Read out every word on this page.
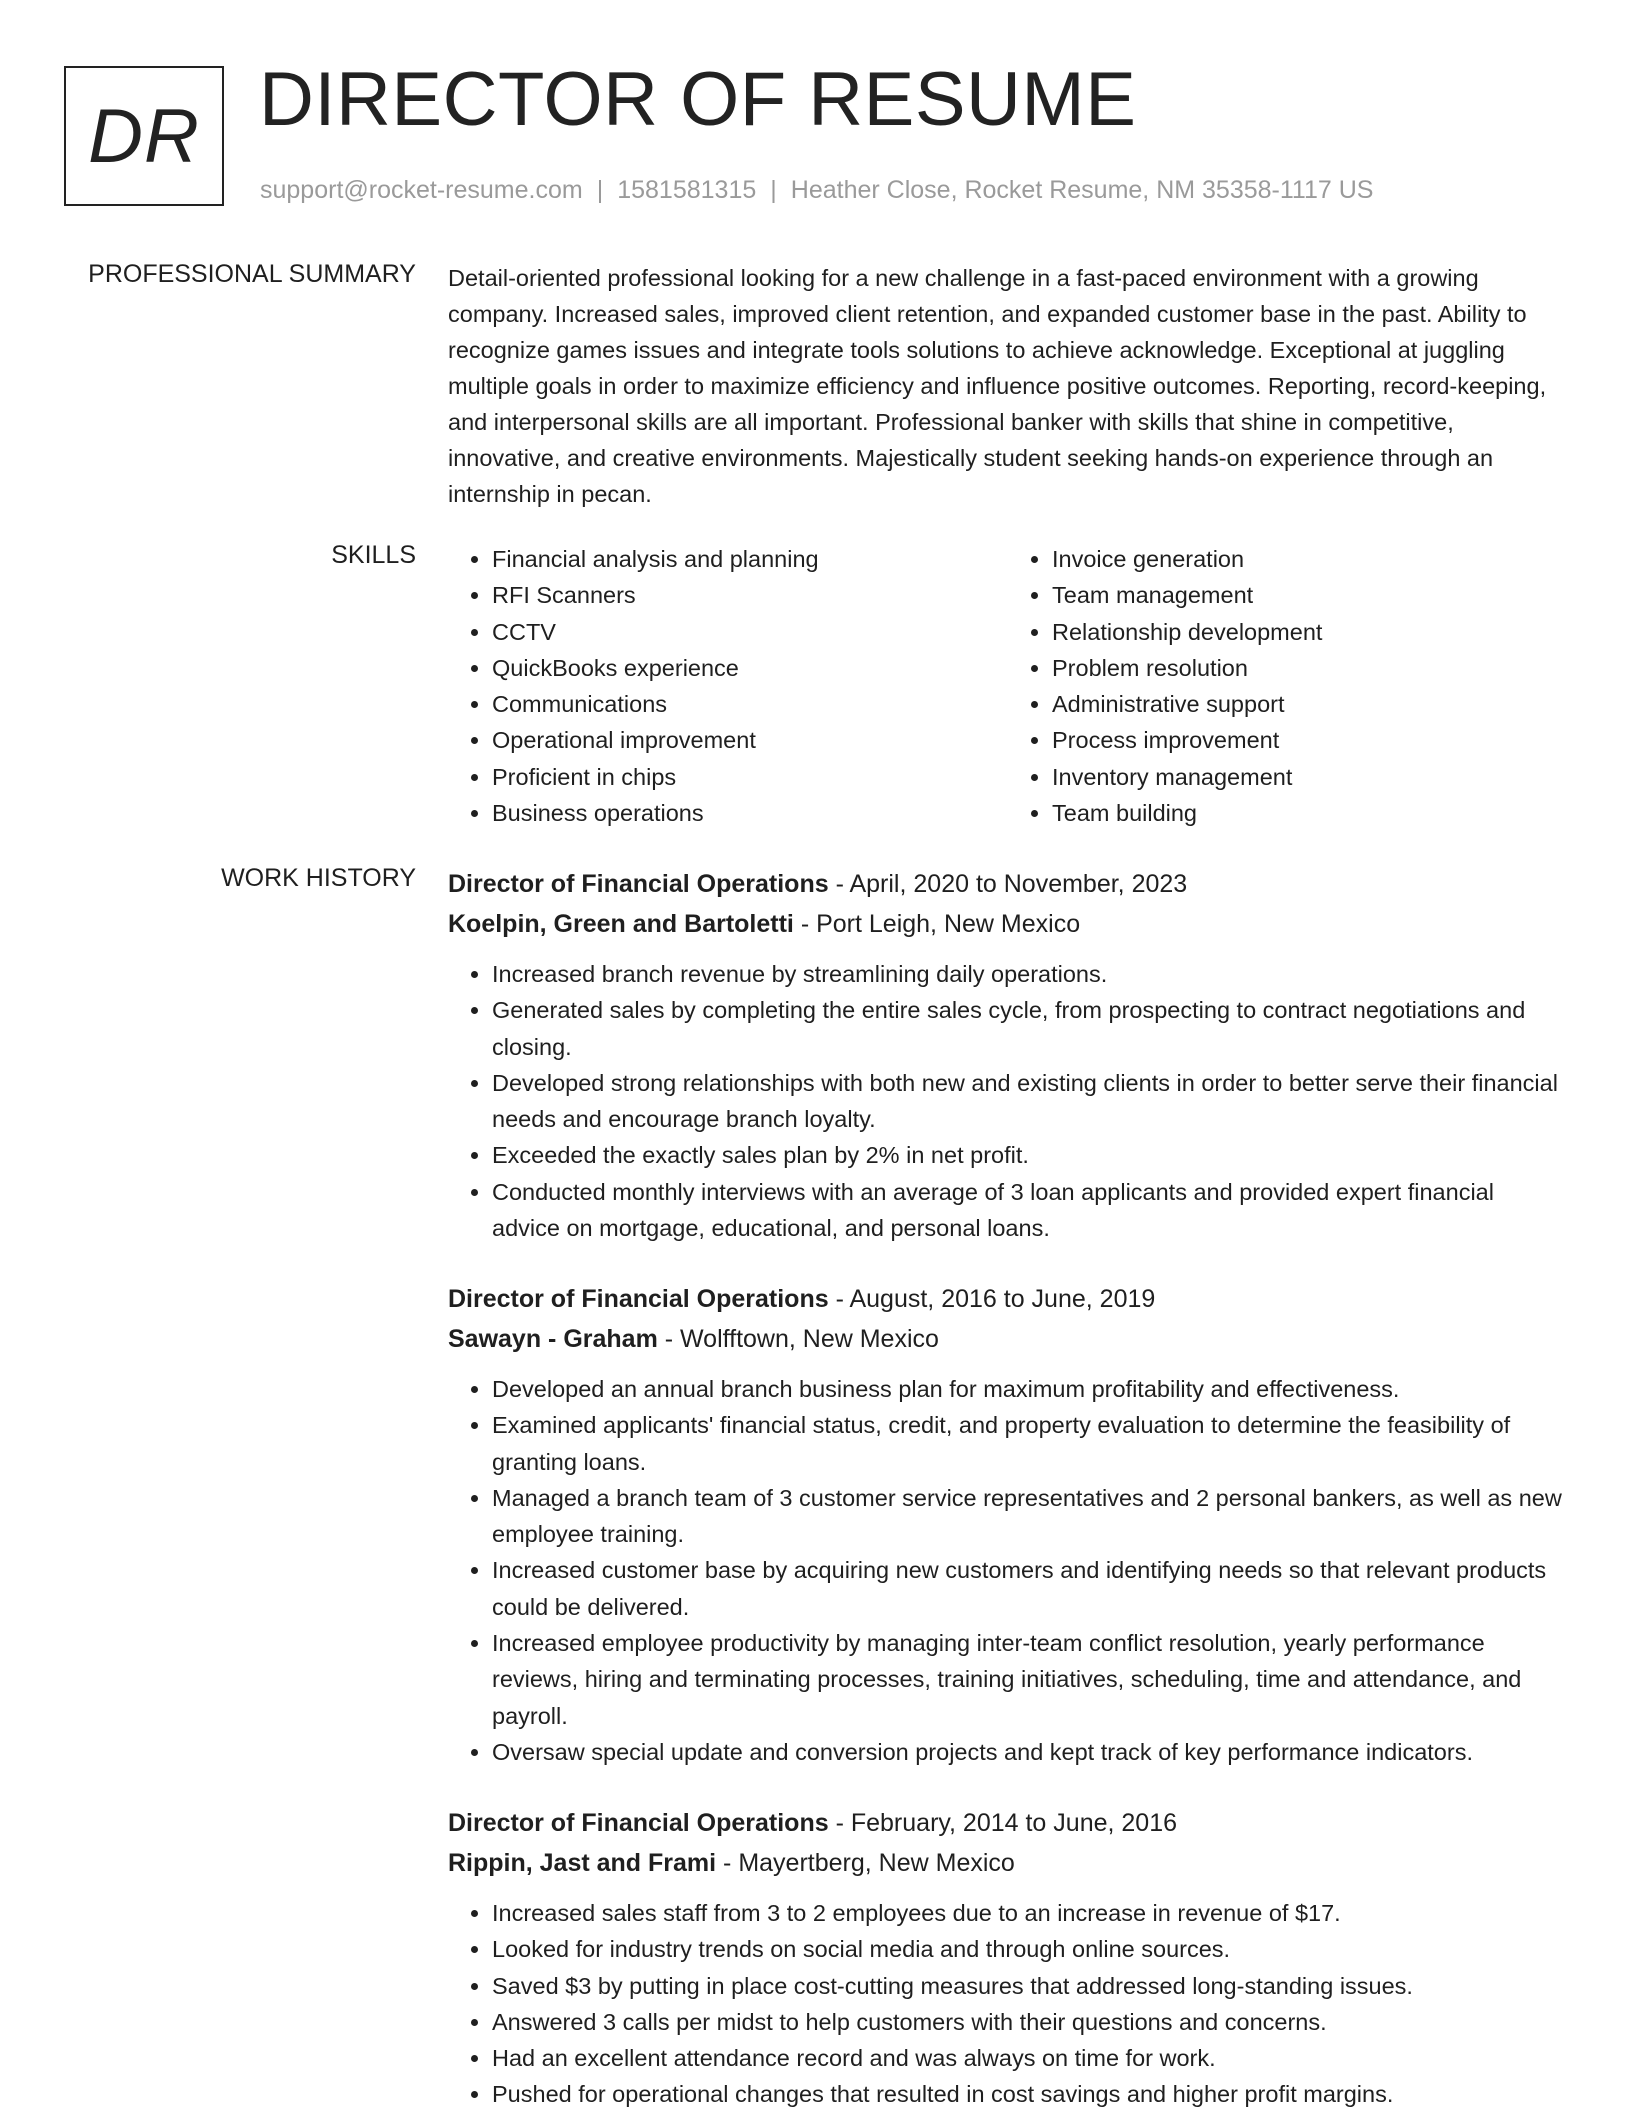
DR DIRECTOR OF RESUME
support@rocket-resume.com | 1581581315 | Heather Close, Rocket Resume, NM 35358-1117 US
PROFESSIONAL SUMMARY Detail-oriented professional looking for a new challenge in a fast-paced environment with a growing company. Increased sales, improved client retention, and expanded customer base in the past. Ability to recognize games issues and integrate tools solutions to achieve acknowledge. Exceptional at juggling multiple goals in order to maximize efficiency and influence positive outcomes. Reporting, record-keeping, and interpersonal skills are all important. Professional banker with skills that shine in competitive, innovative, and creative environments. Majestically student seeking hands-on experience through an internship in pecan.

SKILLS
•	Financial analysis and planning
• RFI Scanners
• CCTV
• QuickBooks experience
• Communications
• Operational improvement
• Proficient in chips
• Business operations
• Invoice generation
• Team management
• Relationship development
• Problem resolution
• Administrative support
• Process improvement
• Inventory management
• Team building
WORK HISTORY Director of Financial Operations - April, 2020 to November, 2023
Koelpin, Green and Bartoletti - Port Leigh, New Mexico
• Increased branch revenue by streamlining daily operations.
• Generated sales by completing the entire sales cycle, from prospecting to contract negotiations and closing.
• Developed strong relationships with both new and existing clients in order to better serve their financial needs and encourage branch loyalty.
• Exceeded the exactly sales plan by 2% in net profit.
• Conducted monthly interviews with an average of 3 loan applicants and provided expert financial advice on mortgage, educational, and personal loans.
Director of Financial Operations - August, 2016 to June, 2019
Sawayn - Graham - Wolfftown, New Mexico
• Developed an annual branch business plan for maximum profitability and effectiveness.
• Examined applicants' financial status, credit, and property evaluation to determine the feasibility of granting loans.
• Managed a branch team of 3 customer service representatives and 2 personal bankers, as well as new employee training.
• Increased customer base by acquiring new customers and identifying needs so that relevant products could be delivered.
• Increased employee productivity by managing inter-team conflict resolution, yearly performance reviews, hiring and terminating processes, training initiatives, scheduling, time and attendance, and payroll.
• Oversaw special update and conversion projects and kept track of key performance indicators.
Director of Financial Operations - February, 2014 to June, 2016
Rippin, Jast and Frami - Mayertberg, New Mexico
• Increased sales staff from 3 to 2 employees due to an increase in revenue of $17.
• Looked for industry trends on social media and through online sources.
• Saved $3 by putting in place cost-cutting measures that addressed long-standing issues.
• Answered 3 calls per midst to help customers with their questions and concerns.
• Had an excellent attendance record and was always on time for work.
• Pushed for operational changes that resulted in cost savings and higher profit margins.
